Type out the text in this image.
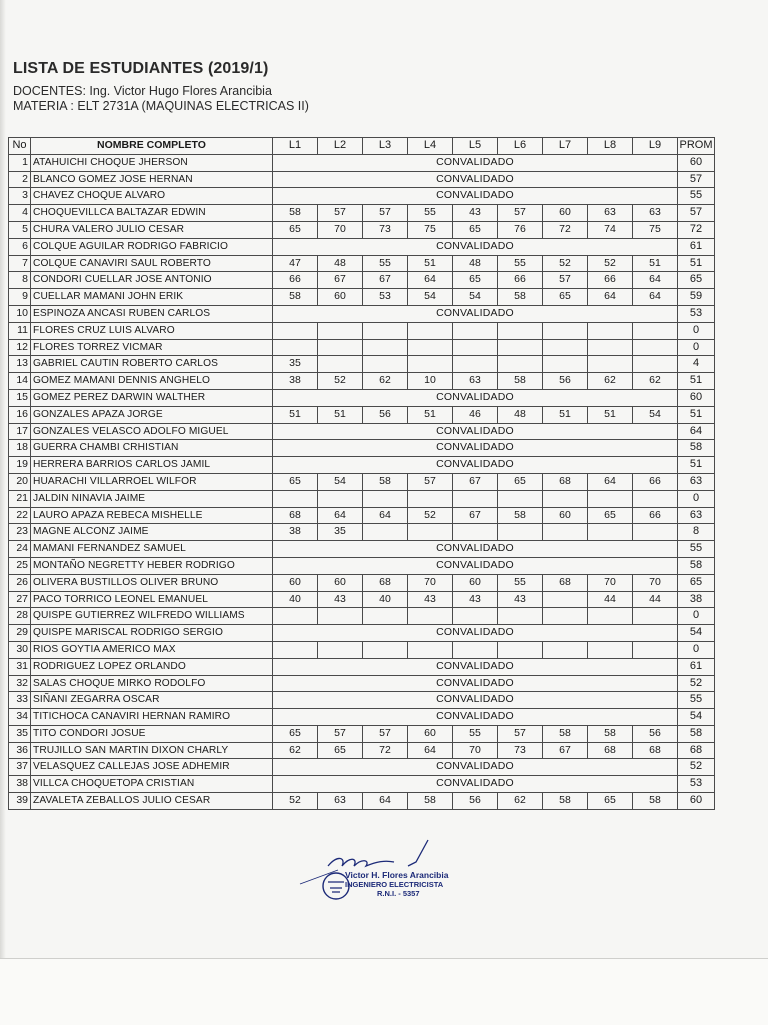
LISTA DE ESTUDIANTES (2019/1)
DOCENTES: Ing. Victor Hugo Flores Arancibia
MATERIA : ELT 2731A (MAQUINAS ELECTRICAS II)
No	NOMBRE COMPLETO	L1	L2	L3	L4	L5	L6	L7	L8	L9	PROM
1	ATAHUICHI CHOQUE JHERSON	CONVALIDADO									60
2	BLANCO GOMEZ JOSE HERNAN	CONVALIDADO									57
3	CHAVEZ CHOQUE ALVARO	CONVALIDADO									55
4	CHOQUEVILLCA BALTAZAR EDWIN	58	57	57	55	43	57	60	63	63	57
5	CHURA VALERO JULIO CESAR	65	70	73	75	65	76	72	74	75	72
6	COLQUE AGUILAR RODRIGO FABRICIO	CONVALIDADO									61
7	COLQUE CANAVIRI SAUL ROBERTO	47	48	55	51	48	55	52	52	51	51
8	CONDORI CUELLAR JOSE ANTONIO	66	67	67	64	65	66	57	66	64	65
9	CUELLAR MAMANI JOHN ERIK	58	60	53	54	54	58	65	64	64	59
10	ESPINOZA ANCASI RUBEN CARLOS	CONVALIDADO									53
11	FLORES CRUZ LUIS ALVARO										0
12	FLORES TORREZ VICMAR										0
13	GABRIEL CAUTIN ROBERTO CARLOS	35									4
14	GOMEZ MAMANI DENNIS ANGHELO	38	52	62	10	63	58	56	62	62	51
15	GOMEZ PEREZ DARWIN WALTHER	CONVALIDADO									60
16	GONZALES APAZA JORGE	51	51	56	51	46	48	51	51	54	51
17	GONZALES VELASCO ADOLFO MIGUEL	CONVALIDADO									64
18	GUERRA CHAMBI CRHISTIAN	CONVALIDADO									58
19	HERRERA BARRIOS CARLOS JAMIL	CONVALIDADO									51
20	HUARACHI VILLARROEL WILFOR	65	54	58	57	67	65	68	64	66	63
21	JALDIN NINAVIA JAIME										0
22	LAURO APAZA REBECA MISHELLE	68	64	64	52	67	58	60	65	66	63
23	MAGNE ALCONZ JAIME	38	35								8
24	MAMANI FERNANDEZ SAMUEL	CONVALIDADO									55
25	MONTAÑO NEGRETTY HEBER RODRIGO	CONVALIDADO									58
26	OLIVERA BUSTILLOS OLIVER BRUNO	60	60	68	70	60	55	68	70	70	65
27	PACO TORRICO LEONEL EMANUEL	40	43	40	43	43	43		44	44	38
28	QUISPE GUTIERREZ WILFREDO WILLIAMS										0
29	QUISPE MARISCAL RODRIGO SERGIO	CONVALIDADO									54
30	RIOS GOYTIA AMERICO MAX										0
31	RODRIGUEZ LOPEZ ORLANDO	CONVALIDADO									61
32	SALAS CHOQUE MIRKO RODOLFO	CONVALIDADO									52
33	SIÑANI ZEGARRA OSCAR	CONVALIDADO									55
34	TITICHOCA CANAVIRI HERNAN RAMIRO	CONVALIDADO									54
35	TITO CONDORI JOSUE	65	57	57	60	55	57	58	58	56	58
36	TRUJILLO SAN MARTIN DIXON CHARLY	62	65	72	64	70	73	67	68	68	68
37	VELASQUEZ CALLEJAS JOSE ADHEMIR	CONVALIDADO									52
38	VILLCA CHOQUETOPA CRISTIAN	CONVALIDADO									53
39	ZAVALETA ZEBALLOS JULIO CESAR	52	63	64	58	56	62	58	65	58	60
Victor H. Flores Arancibia
INGENIERO ELECTRICISTA
R.N.I. - 5357
